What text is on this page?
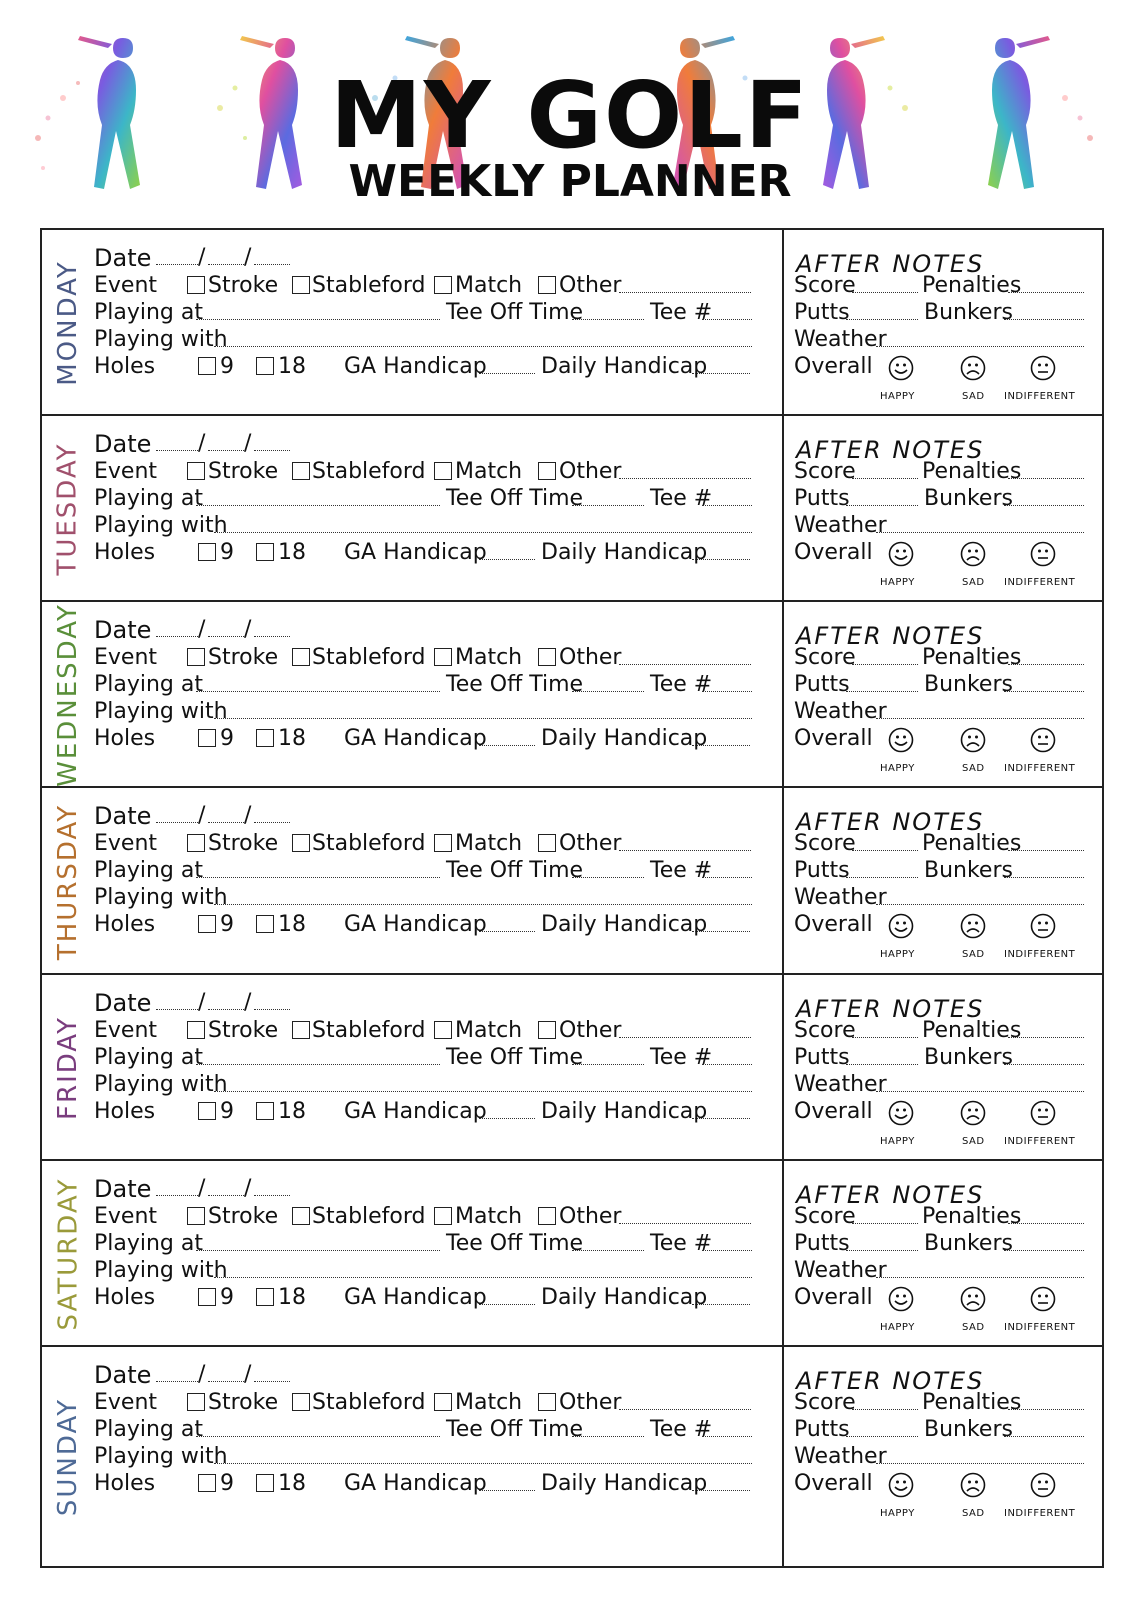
MY GOLF
WEEKLY PLANNER
MONDAY
Date / /
Event Stroke Stableford Match Other
Playing at	Tee Off Time	Tee #
Playing with
Holes	9 18 GA Handicap Daily Handicap
AFTER NOTES
Score	Penalties
Putts	Bunkers
Weather
Overall
HAPPY	SAD INDIFFERENT
TUESDAY Date / /
Event Stroke Stableford Match Other
Playing at	Tee Off Time	Tee #
Playing with
Holes	9 18 GA Handicap Daily Handicap
AFTER NOTES
Score	Penalties
Putts	Bunkers
Weather
Overall
HAPPY	SAD INDIFFERENT
WEDNESDAY Date / /
Event Stroke Stableford Match Other
Playing at	Tee Off Time	Tee #
Playing with
Holes	9 18 GA Handicap Daily Handicap
AFTER NOTES
Score	Penalties
Putts	Bunkers
Weather
Overall
HAPPY	SAD INDIFFERENT
THURSDAY Date / /
Event Stroke Stableford Match Other
Playing at	Tee Off Time	Tee #
Playing with
Holes	9 18 GA Handicap Daily Handicap
AFTER NOTES
Score	Penalties
Putts	Bunkers
Weather
Overall
HAPPY	SAD INDIFFERENT
FRIDAY
Date / /
Event Stroke Stableford Match Other
Playing at	Tee Off Time	Tee #
Playing with
Holes	9 18 GA Handicap Daily Handicap
AFTER NOTES
Score	Penalties
Putts	Bunkers
Weather
Overall
HAPPY	SAD INDIFFERENT
SATURDAY Date / /
Event Stroke Stableford Match Other
Playing at	Tee Off Time	Tee #
Playing with
Holes	9 18 GA Handicap Daily Handicap
AFTER NOTES
Score	Penalties
Putts	Bunkers
Weather
Overall
HAPPY	SAD INDIFFERENT
SUNDAY
Date / /
Event Stroke Stableford Match Other
Playing at	Tee Off Time	Tee #
Playing with
Holes	9 18 GA Handicap Daily Handicap
AFTER NOTES
Score	Penalties
Putts	Bunkers
Weather
Overall
HAPPY	SAD INDIFFERENT
